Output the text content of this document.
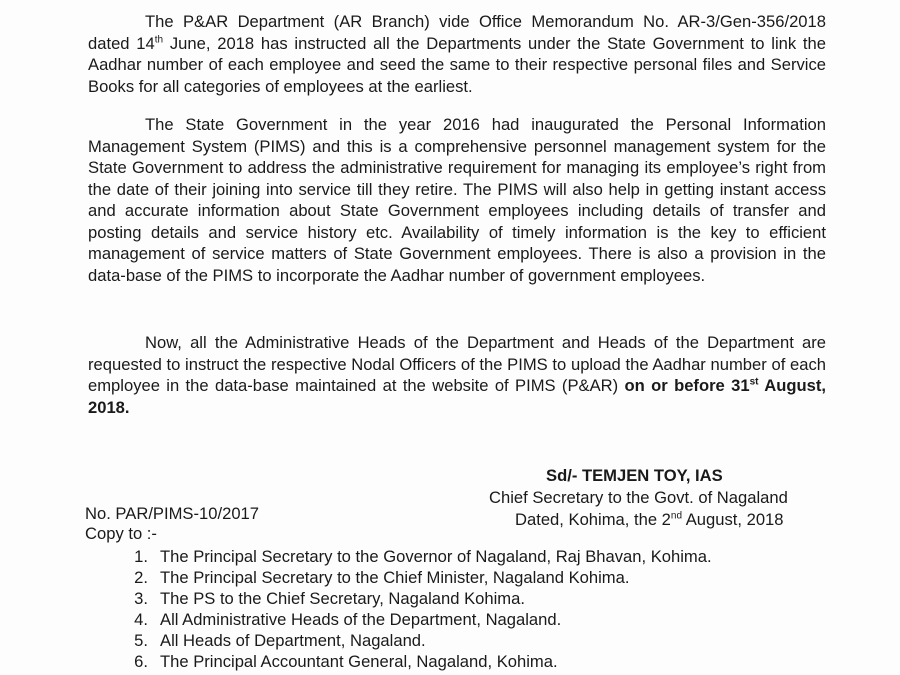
The P&AR Department (AR Branch) vide Office Memorandum No. AR-3/Gen-356/2018 dated 14th June, 2018 has instructed all the Departments under the State Government to link the Aadhar number of each employee and seed the same to their respective personal files and Service Books for all categories of employees at the earliest.

The State Government in the year 2016 had inaugurated the Personal Information Management System (PIMS) and this is a comprehensive personnel management system for the State Government to address the administrative requirement for managing its employee’s right from the date of their joining into service till they retire. The PIMS will also help in getting instant access and accurate information about State Government employees including details of transfer and posting details and service history etc. Availability of timely information is the key to efficient management of service matters of State Government employees. There is also a provision in the data-base of the PIMS to incorporate the Aadhar number of government employees.

Now, all the Administrative Heads of the Department and Heads of the Department are requested to instruct the respective Nodal Officers of the PIMS to upload the Aadhar number of each employee in the data-base maintained at the website of PIMS (P&AR) on or before 31st August, 2018.

Sd/- TEMJEN TOY, IAS
Chief Secretary to the Govt. of Nagaland
Dated, Kohima, the 2nd August, 2018
No. PAR/PIMS-10/2017
Copy to :-
1. The Principal Secretary to the Governor of Nagaland, Raj Bhavan, Kohima.
2. The Principal Secretary to the Chief Minister, Nagaland Kohima.
3. The PS to the Chief Secretary, Nagaland Kohima.
4. All Administrative Heads of the Department, Nagaland.
5. All Heads of Department, Nagaland.
6. The Principal Accountant General, Nagaland, Kohima.
